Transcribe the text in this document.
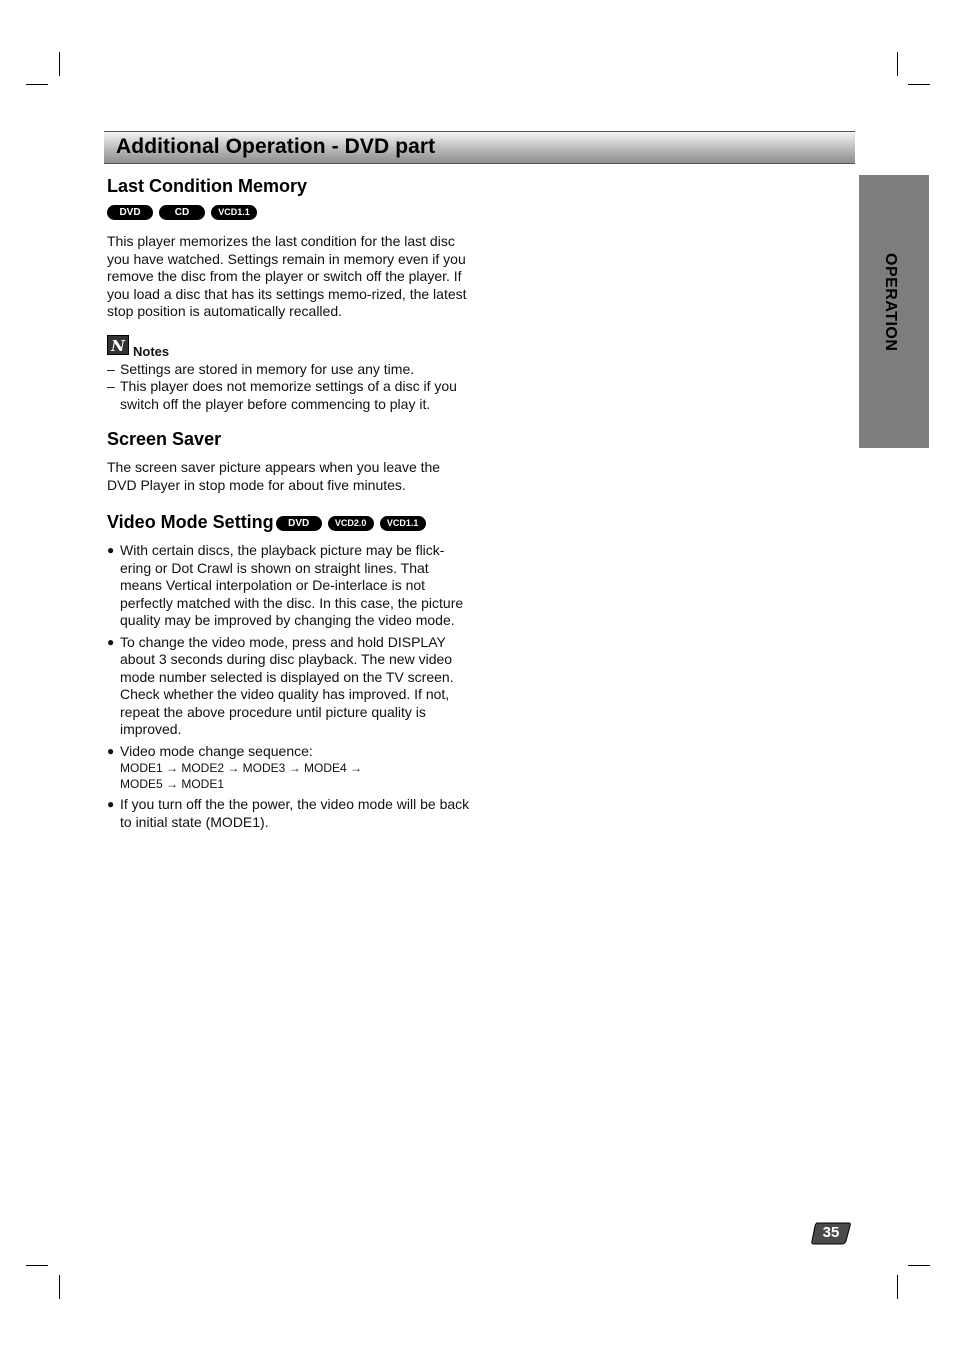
Additional Operation - DVD part
OPERATION
Last Condition Memory
DVD	CD	VCD1.1

This player memorizes the last condition for the last disc you have watched. Settings remain in memory even if you remove the disc from the player or switch off the player. If you load a disc that has its settings memo-rized, the latest stop position is automatically recalled.

N Notes
– Settings are stored in memory for use any time.
– This player does not memorize settings of a disc if you switch off the player before commencing to play it.
Screen Saver

The screen saver picture appears when you leave the DVD Player in stop mode for about five minutes.

Video Mode Setting DVD	VCD2.0 VCD1.1
● With certain discs, the playback picture may be flick-ering or Dot Crawl is shown on straight lines. That means Vertical interpolation or De-interlace is not perfectly matched with the disc. In this case, the picture quality may be improved by changing the video mode.
● To change the video mode, press and hold DISPLAY about 3 seconds during disc playback. The new video mode number selected is displayed on the TV screen. Check whether the video quality has improved. If not, repeat the above procedure until picture quality is improved.
● Video mode change sequence:
MODE1 → MODE2 → MODE3 → MODE4 →
MODE5 → MODE1
● If you turn off the the power, the video mode will be back to initial state (MODE1).
35
